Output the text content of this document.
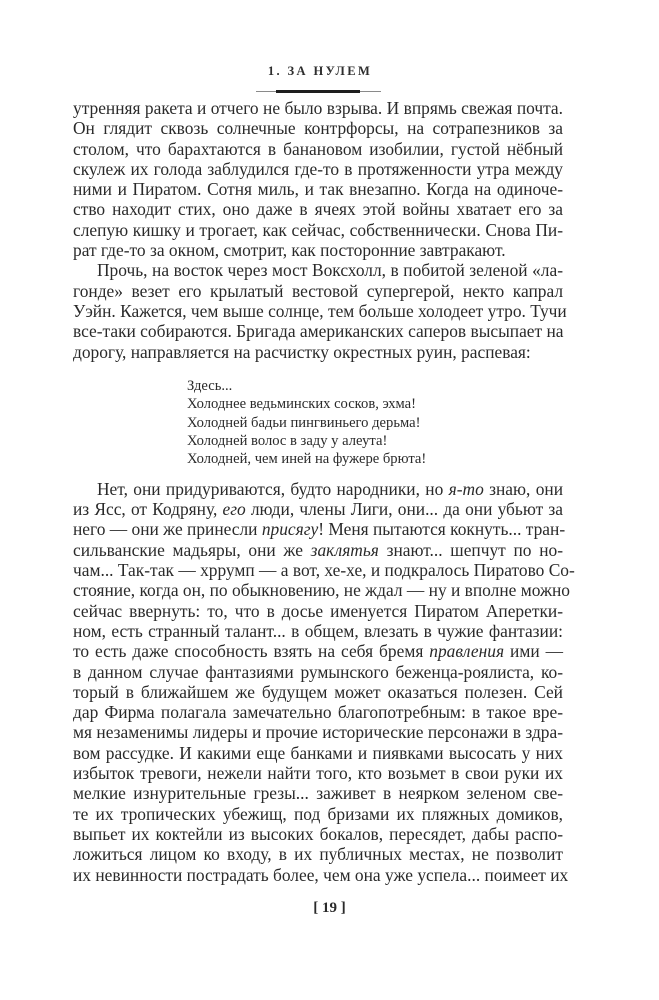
1. ЗА НУЛЕМ

утренняя ракета и отчего не было взрыва. И впрямь свежая почта.
Он глядит сквозь солнечные контрфорсы, на сотрапезников за
столом, что барахтаются в банановом изобилии, густой нёбный
скулеж их голода заблудился где-то в протяженности утра между
ними и Пиратом. Сотня миль, и так внезапно. Когда на одиноче-
ство находит стих, оно даже в ячеях этой войны хватает его за
слепую кишку и трогает, как сейчас, собственнически. Снова Пи-
рат где-то за окном, смотрит, как посторонние завтракают.

Прочь, на восток через мост Воксхолл, в побитой зеленой «ла-
гонде» везет его крылатый вестовой супергерой, некто капрал
Уэйн. Кажется, чем выше солнце, тем больше холодеет утро. Тучи
все-таки собираются. Бригада американских саперов высыпает на
дорогу, направляется на расчистку окрестных руин, распевая:

Здесь...
Холоднее ведьминских сосков, эхма!
Холодней бадьи пингвиньего дерьма!
Холодней волос в заду у алеута!
Холодней, чем иней на фужере брюта!

Нет, они придуриваются, будто народники, но я-то знаю, они
из Ясс, от Кодряну, его люди, члены Лиги, они... да они убьют за
него — они же принесли присягу! Меня пытаются кокнуть... тран-
сильванские мадьяры, они же заклятья знают... шепчут по но-
чам... Так-так — хррумп — а вот, хе-хе, и подкралось Пиратово Со-
стояние, когда он, по обыкновению, не ждал — ну и вполне можно
сейчас ввернуть: то, что в досье именуется Пиратом Аперетки-
ном, есть странный талант... в общем, влезать в чужие фантазии:
то есть даже способность взять на себя бремя правления ими —
в данном случае фантазиями румынского беженца-роялиста, ко-
торый в ближайшем же будущем может оказаться полезен. Сей
дар Фирма полагала замечательно благопотребным: в такое вре-
мя незаменимы лидеры и прочие исторические персонажи в здра-
вом рассудке. И какими еще банками и пиявками высосать у них
избыток тревоги, нежели найти того, кто возьмет в свои руки их
мелкие изнурительные грезы... заживет в неярком зеленом све-
те их тропических убежищ, под бризами их пляжных домиков,
выпьет их коктейли из высоких бокалов, пересядет, дабы распо-
ложиться лицом ко входу, в их публичных местах, не позволит
их невинности пострадать более, чем она уже успела... поимеет их

[ 19 ]
